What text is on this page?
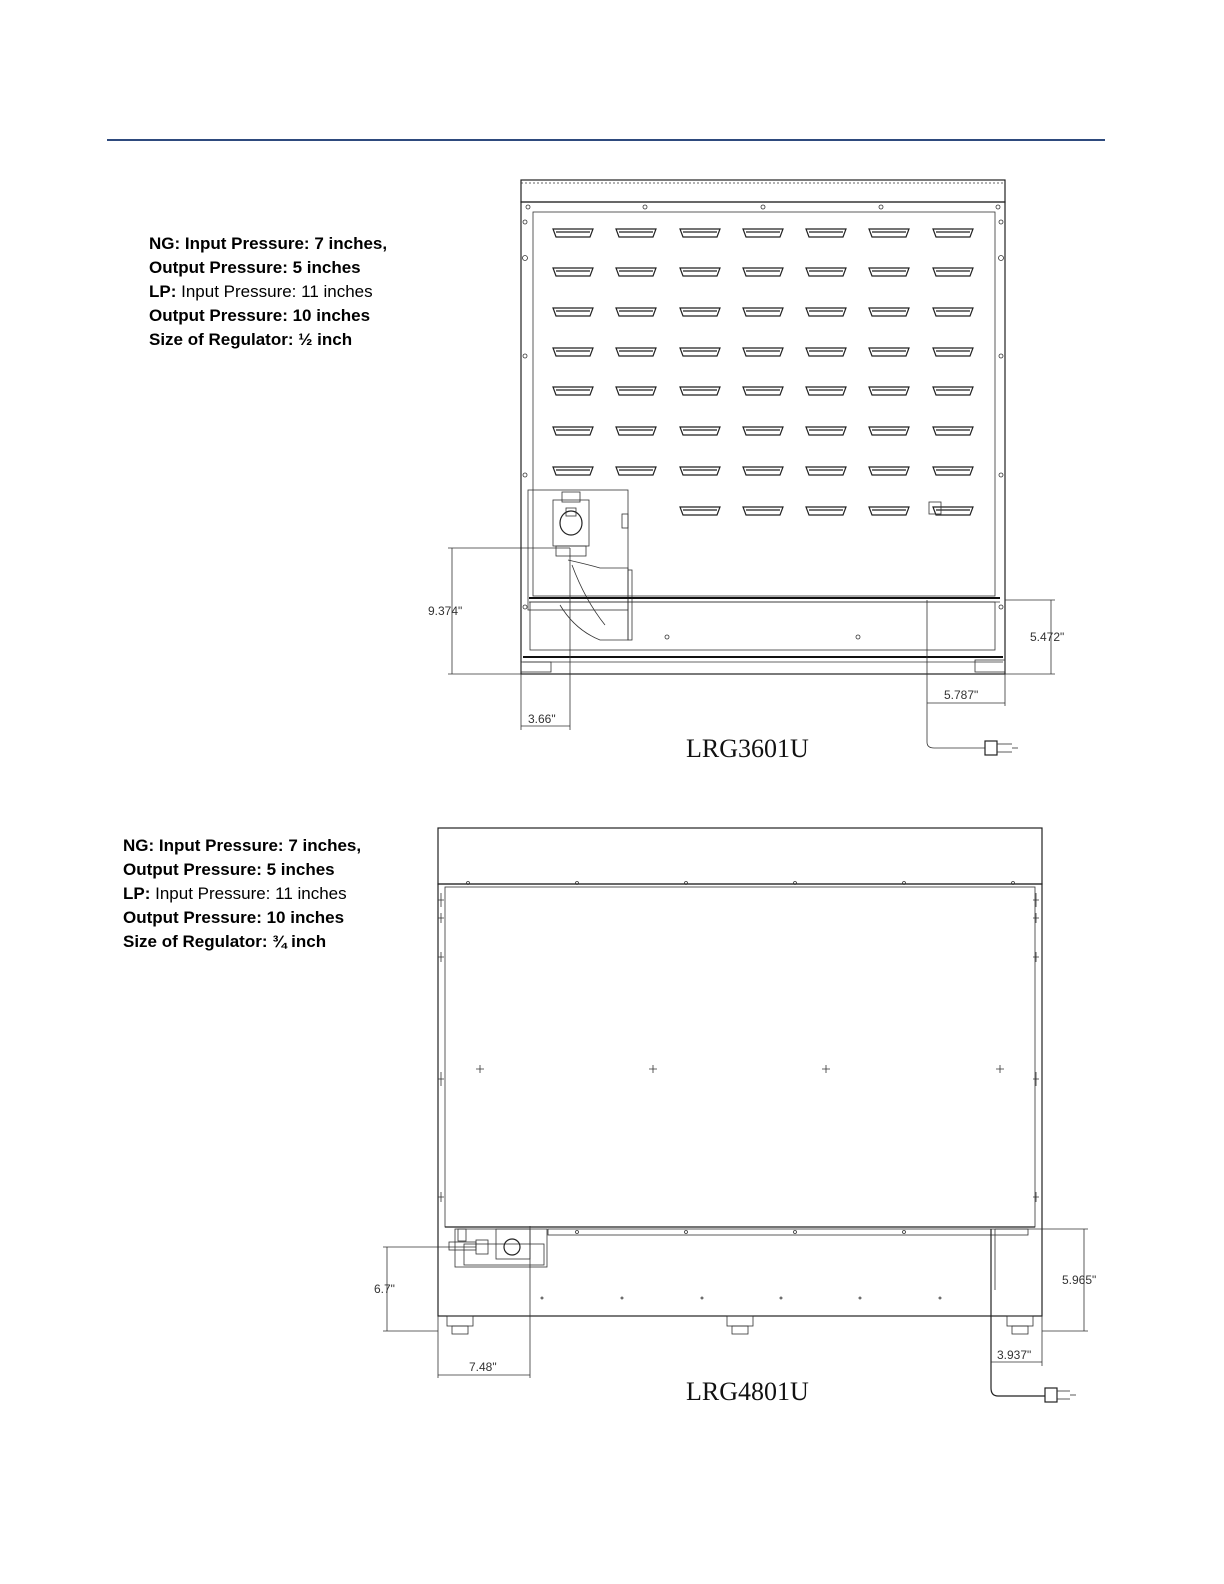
NG: Input Pressure: 7 inches,
Output Pressure: 5 inches
LP: Input Pressure: 11 inches
Output Pressure: 10 inches
Size of Regulator: ½ inch
NG: Input Pressure: 7 inches,
Output Pressure: 5 inches
LP: Input Pressure: 11 inches
Output Pressure: 10 inches
Size of Regulator: ¾ inch
9.374"
3.66"
5.472"
5.787"
LRG3601U
6.7"
7.48"
5.965"
3.937"
LRG4801U
